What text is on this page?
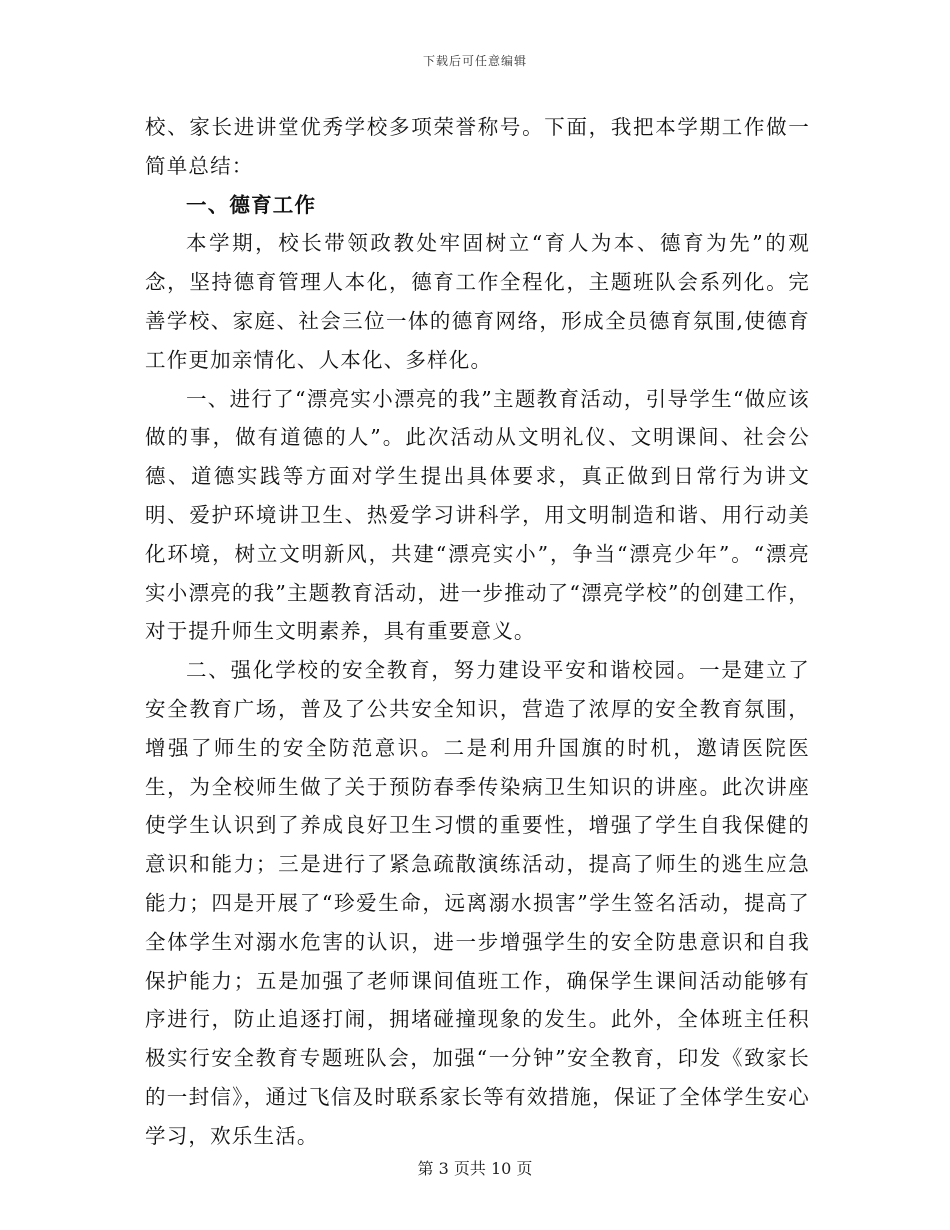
下载后可任意编辑

校、家长进讲堂优秀学校多项荣誉称号。下面，我把本学期工作做一简单总结：

一、德育工作

本学期，校长带领政教处牢固树立“育人为本、德育为先”的观念，坚持德育管理人本化，德育工作全程化，主题班队会系列化。完善学校、家庭、社会三位一体的德育网络，形成全员德育氛围,使德育工作更加亲情化、人本化、多样化。

一、进行了“漂亮实小漂亮的我”主题教育活动，引导学生“做应该做的事，做有道德的人”。此次活动从文明礼仪、文明课间、社会公德、道德实践等方面对学生提出具体要求，真正做到日常行为讲文明、爱护环境讲卫生、热爱学习讲科学，用文明制造和谐、用行动美化环境，树立文明新风，共建“漂亮实小”，争当“漂亮少年”。“漂亮实小漂亮的我”主题教育活动，进一步推动了“漂亮学校”的创建工作，对于提升师生文明素养，具有重要意义。

二、强化学校的安全教育，努力建设平安和谐校园。一是建立了安全教育广场，普及了公共安全知识，营造了浓厚的安全教育氛围，增强了师生的安全防范意识。二是利用升国旗的时机，邀请医院医生，为全校师生做了关于预防春季传染病卫生知识的讲座。此次讲座使学生认识到了养成良好卫生习惯的重要性，增强了学生自我保健的意识和能力；三是进行了紧急疏散演练活动，提高了师生的逃生应急能力；四是开展了“珍爱生命，远离溺水损害”学生签名活动，提高了全体学生对溺水危害的认识，进一步增强学生的安全防患意识和自我保护能力；五是加强了老师课间值班工作，确保学生课间活动能够有序进行，防止追逐打闹，拥堵碰撞现象的发生。此外，全体班主任积极实行安全教育专题班队会，加强“一分钟”安全教育，印发《致家长的一封信》，通过飞信及时联系家长等有效措施，保证了全体学生安心学习，欢乐生活。

第 3 页共 10 页
